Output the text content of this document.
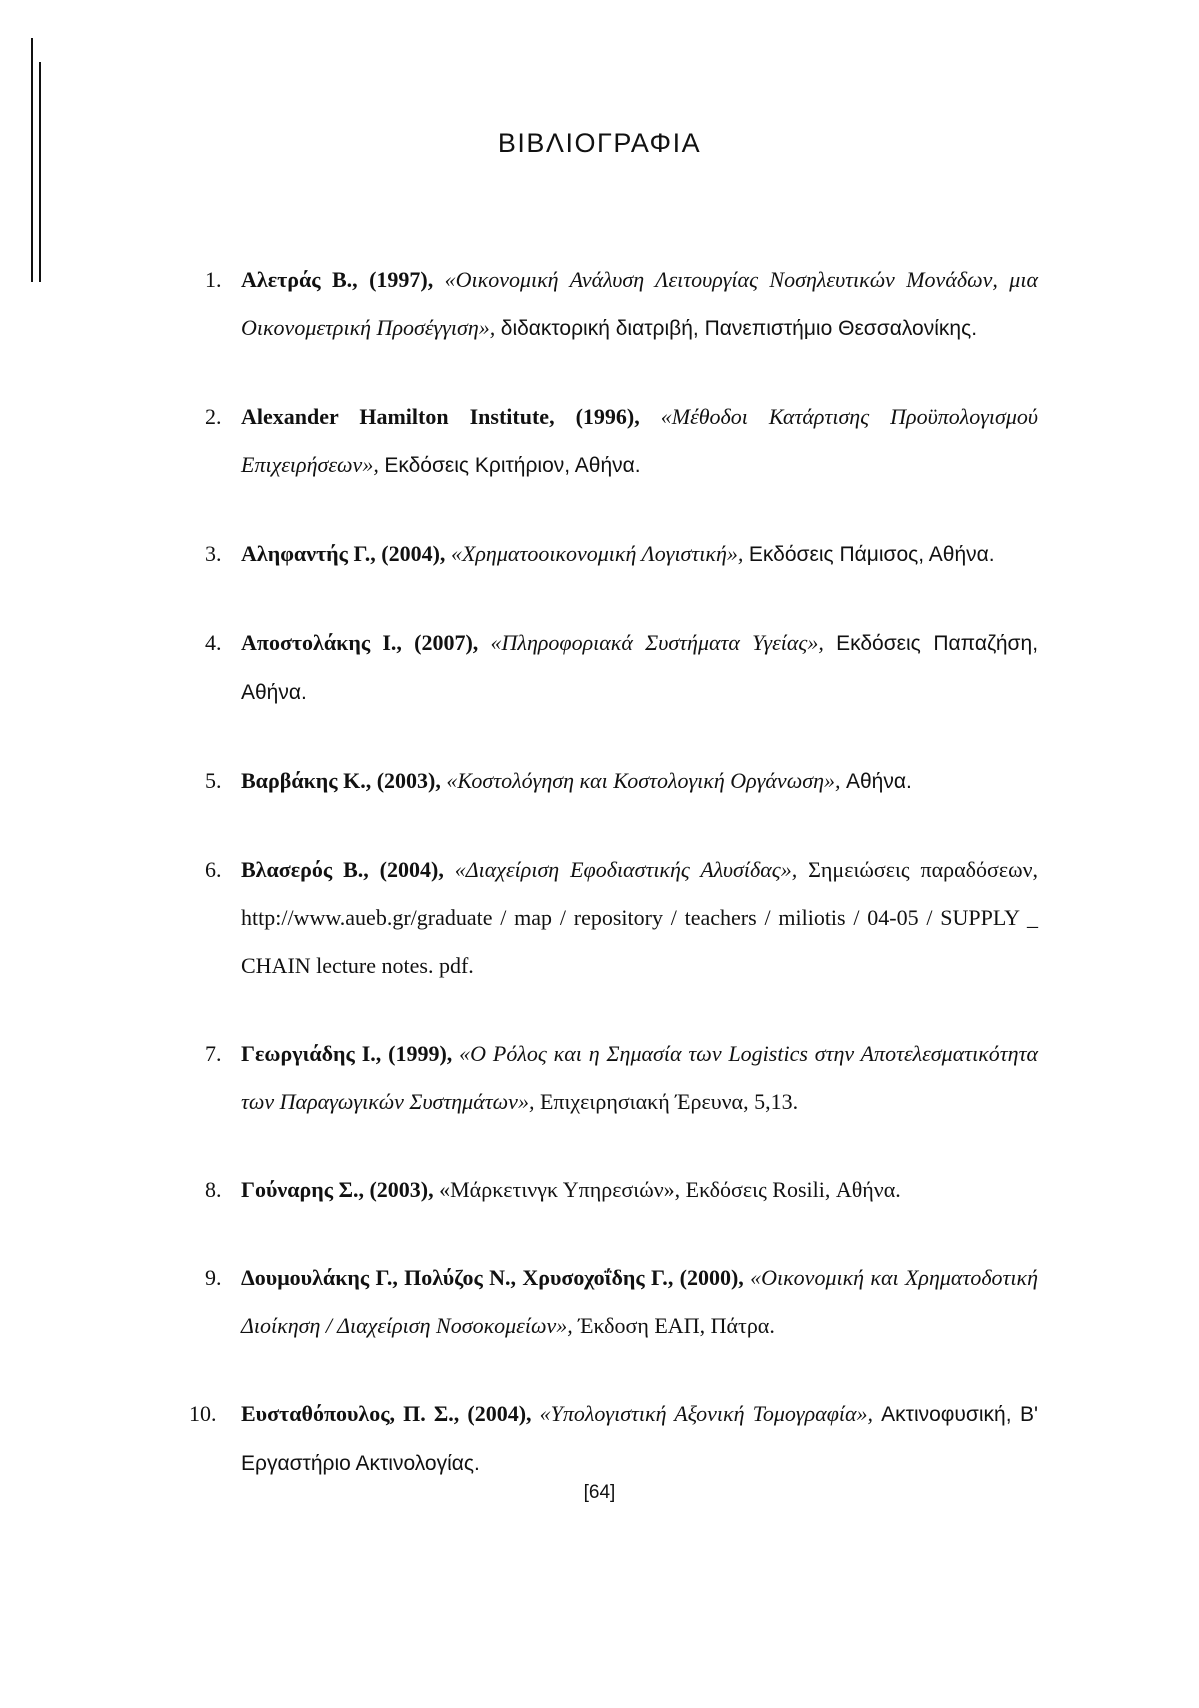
ΒΙΒΛΙΟΓΡΑΦΙΑ
1. Αλετράς Β., (1997), «Οικονομική Ανάλυση Λειτουργίας Νοσηλευτικών Μονάδων, μια Οικονομετρική Προσέγγιση», διδακτορική διατριβή, Πανεπιστήμιο Θεσσαλονίκης.
2. Alexander Hamilton Institute, (1996), «Μέθοδοι Κατάρτισης Προϋπολογισμού Επιχειρήσεων», Εκδόσεις Κριτήριον, Αθήνα.
3. Αληφαντής Γ., (2004), «Χρηματοοικονομική Λογιστική», Εκδόσεις Πάμισος, Αθήνα.
4. Αποστολάκης Ι., (2007), «Πληροφοριακά Συστήματα Υγείας», Εκδόσεις Παπαζήση, Αθήνα.
5. Βαρβάκης Κ., (2003), «Κοστολόγηση και Κοστολογική Οργάνωση», Αθήνα.
6. Βλασερός Β., (2004), «Διαχείριση Εφοδιαστικής Αλυσίδας», Σημειώσεις παραδόσεων, http://www.aueb.gr/graduate / map / repository / teachers / miliotis / 04-05 / SUPPLY _ CHAIN lecture notes. pdf.
7. Γεωργιάδης Ι., (1999), «Ο Ρόλος και η Σημασία των Logistics στην Αποτελεσματικότητα των Παραγωγικών Συστημάτων», Επιχειρησιακή Έρευνα, 5,13.
8. Γούναρης Σ., (2003), «Μάρκετινγκ Υπηρεσιών», Εκδόσεις Rosili, Αθήνα.
9. Δουμουλάκης Γ., Πολύζος Ν., Χρυσοχοΐδης Γ., (2000), «Οικονομική και Χρηματοδοτική Διοίκηση / Διαχείριση Νοσοκομείων», Έκδοση ΕΑΠ, Πάτρα.
10.	Ευσταθόπουλος, Π. Σ., (2004), «Υπολογιστική Αξονική Τομογραφία», Ακτινοφυσική, Β' Εργαστήριο Ακτινολογίας.
[64]
